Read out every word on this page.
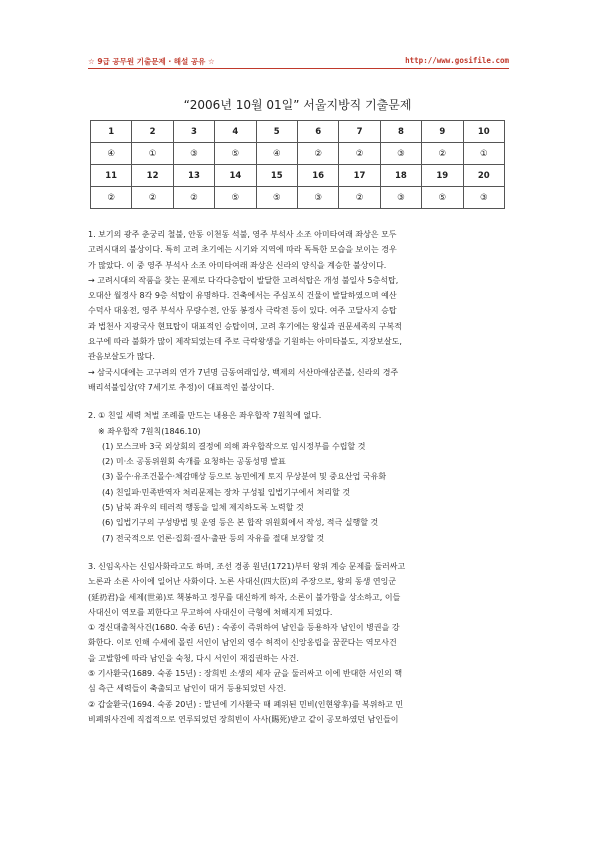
☆ 9급 공무원 기출문제 · 해설 공유 ☆	http://www.gosifile.com
“2006년 10월 01일” 서울지방직 기출문제
1	2	3	4	5	6	7	8	9	10
④	①	③	⑤	④	②	②	③	②	①
11	12	13	14	15	16	17	18	19	20
②	②	②	⑤	⑤	③	②	③	⑤	③

1. 보기의 광주 춘궁리 철불, 안동 이천동 석불, 영주 부석사 소조 아미타여래 좌상은 모두

고려시대의 불상이다. 특히 고려 초기에는 시기와 지역에 따라 독특한 모습을 보이는 경우

가 많았다. 이 중 영주 부석사 소조 아미타여래 좌상은 신라의 양식을 계승한 불상이다.

→ 고려시대의 작품을 찾는 문제로 다각다층탑이 발달한 고려석탑은 개성 불일사 5층석탑,

오대산 월정사 8각 9층 석탑이 유명하다. 건축에서는 주심포식 건물이 발달하였으며 예산

수덕사 대웅전, 영주 부석사 무량수전, 안동 봉정사 극락전 등이 있다. 여주 고달사지 승탑

과 법천사 지광국사 현묘탑이 대표적인 승탑이며, 고려 후기에는 왕실과 권문세족의 구복적

요구에 따라 불화가 많이 제작되었는데 주로 극락왕생을 기원하는 아미타불도, 지장보살도,

관음보살도가 많다.

→ 삼국시대에는 고구려의 연가 7년명 금동여래입상, 백제의 서산마애삼존불, 신라의 경주

배리석불입상(약 7세기로 추정)이 대표적인 불상이다.

2. ① 친일 세력 처벌 조례를 만드는 내용은 좌우합작 7원칙에 없다.

※ 좌우합작 7원칙(1846.10)

(1) 모스크바 3국 외상회의 결정에 의해 좌우합작으로 임시정부를 수립할 것

(2) 미·소 공동위원회 속개를 요청하는 공동성명 발표

(3) 몰수·유조건몰수·체감매상 등으로 농민에게 토지 무상분여 및 중요산업 국유화

(4) 친일파·민족반역자 처리문제는 장차 구성될 입법기구에서 처리할 것

(5) 남북 좌우의 테러적 행동을 일체 제지하도록 노력할 것

(6) 입법기구의 구성방법 및 운영 등은 본 합작 위원회에서 작성, 적극 실행할 것

(7) 전국적으로 언론·집회·결사·출판 등의 자유를 절대 보장할 것

3. 신임옥사는 신임사화라고도 하며, 조선 경종 원년(1721)부터 왕위 계승 문제를 둘러싸고

노론과 소론 사이에 일어난 사화이다. 노론 사대신(四大臣)의 주장으로, 왕의 동생 연잉군

(延礽君)을 세제(世弟)로 책봉하고 정무를 대신하게 하자, 소론이 불가함을 상소하고, 이들

사대신이 역모를 꾀한다고 무고하여 사대신이 극형에 처해지게 되었다.

① 경신대출척사건(1680. 숙종 6년) : 숙종이 즉위하여 남인을 등용하자 남인이 병권을 강

화한다. 이로 인해 수세에 몰린 서인이 남인의 영수 허적이 신앙옹립을 꿈꾼다는 역모사건

을 고발함에 따라 남인을 숙청, 다시 서인이 재집권하는 사건.

⑤ 기사환국(1689. 숙종 15년) : 장희빈 소생의 세자 균을 둘러싸고 이에 반대한 서인의 핵

심 측근 세력들이 축출되고 남인이 대거 등용되었던 사건.

② 갑술환국(1694. 숙종 20년) : 말년에 기사환국 때 폐위된 민비(인현왕후)를 복위하고 민

비폐위사건에 직접적으로 연루되었던 장희빈이 사사(賜死)받고 같이 공모하였던 남인들이
